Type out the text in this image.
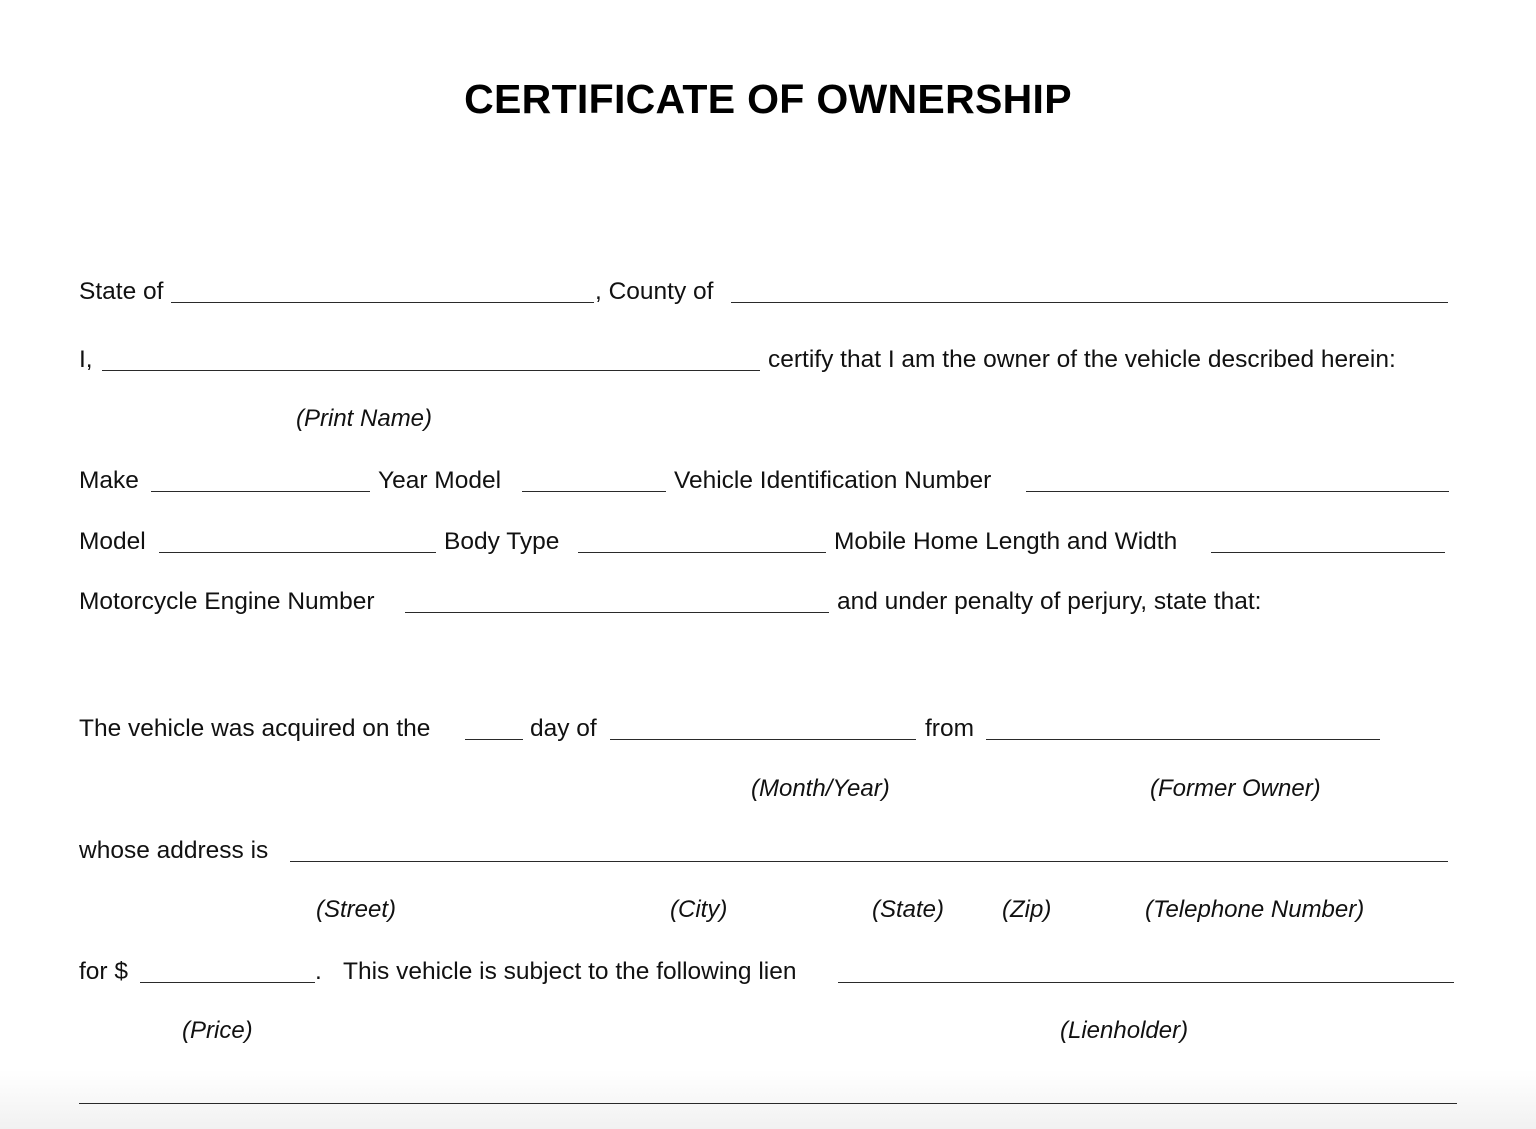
CERTIFICATE OF OWNERSHIP
State of	, County of
I,	certify that I am the owner of the vehicle described herein:
(Print Name)
Make	Year Model	Vehicle Identification Number
Model	Body Type	Mobile Home Length and Width
Motorcycle Engine Number	and under penalty of perjury, state that:
The vehicle was acquired on the	day of	from
(Month/Year)	(Former Owner)
whose address is
(Street)	(City)	(State) (Zip)	(Telephone Number)
for $	. This vehicle is subject to the following lien
(Price)	(Lienholder)
